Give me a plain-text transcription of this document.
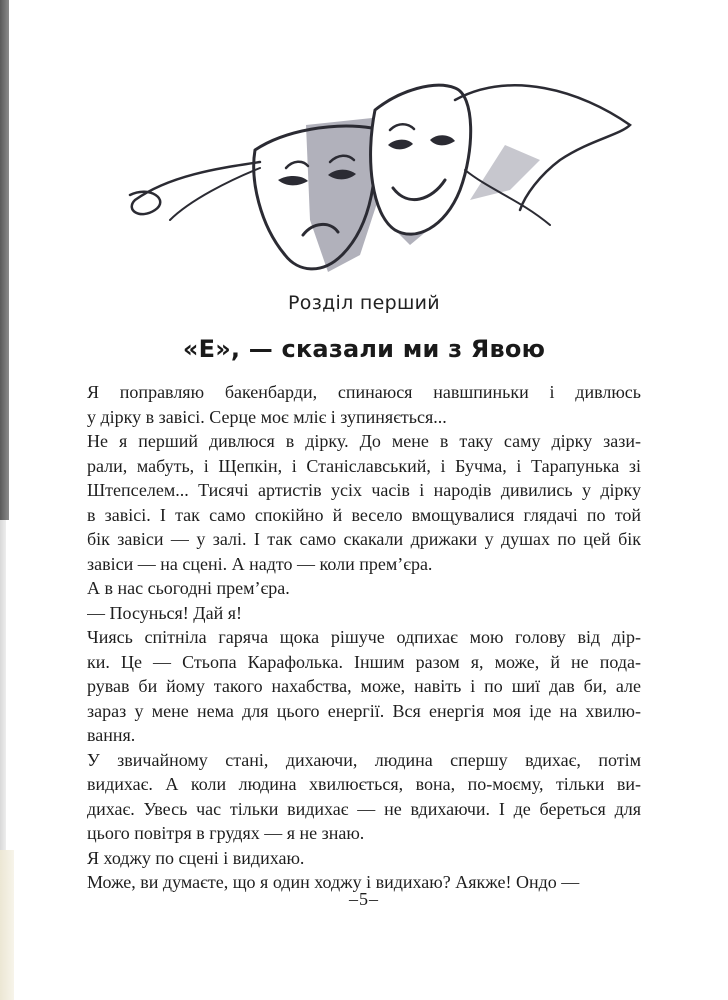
Розділ перший
«Е», — сказали ми з Явою
Я поправляю бакенбарди, спинаюся навшпиньки і дивлюсь
у дірку в завісі. Серце моє мліє і зупиняється...
Не я перший дивлюся в дірку. До мене в таку саму дірку зази-
рали, мабуть, і Щепкін, і Станіславський, і Бучма, і Тарапунька зі
Штепселем... Тисячі артистів усіх часів і народів дивились у дірку
в завісі. І так само спокійно й весело вмощувалися глядачі по той
бік завіси — у залі. І так само скакали дрижаки у душах по цей бік
завіси — на сцені. А надто — коли прем’єра.
А в нас сьогодні прем’єра.
— Посунься! Дай я!
Чиясь спітніла гаряча щока рішуче одпихає мою голову від дір-
ки. Це — Стьопа Карафолька. Іншим разом я, може, й не пода-
рував би йому такого нахабства, може, навіть і по шиї дав би, але
зараз у мене нема для цього енергії. Вся енергія моя іде на хвилю-
вання.
У звичайному стані, дихаючи, людина спершу вдихає, потім
видихає. А коли людина хвилюється, вона, по-моєму, тільки ви-
дихає. Увесь час тільки видихає — не вдихаючи. І де береться для
цього повітря в грудях — я не знаю.
Я ходжу по сцені і видихаю.
Може, ви думаєте, що я один ходжу і видихаю? Аякже! Ондо —
–5–
